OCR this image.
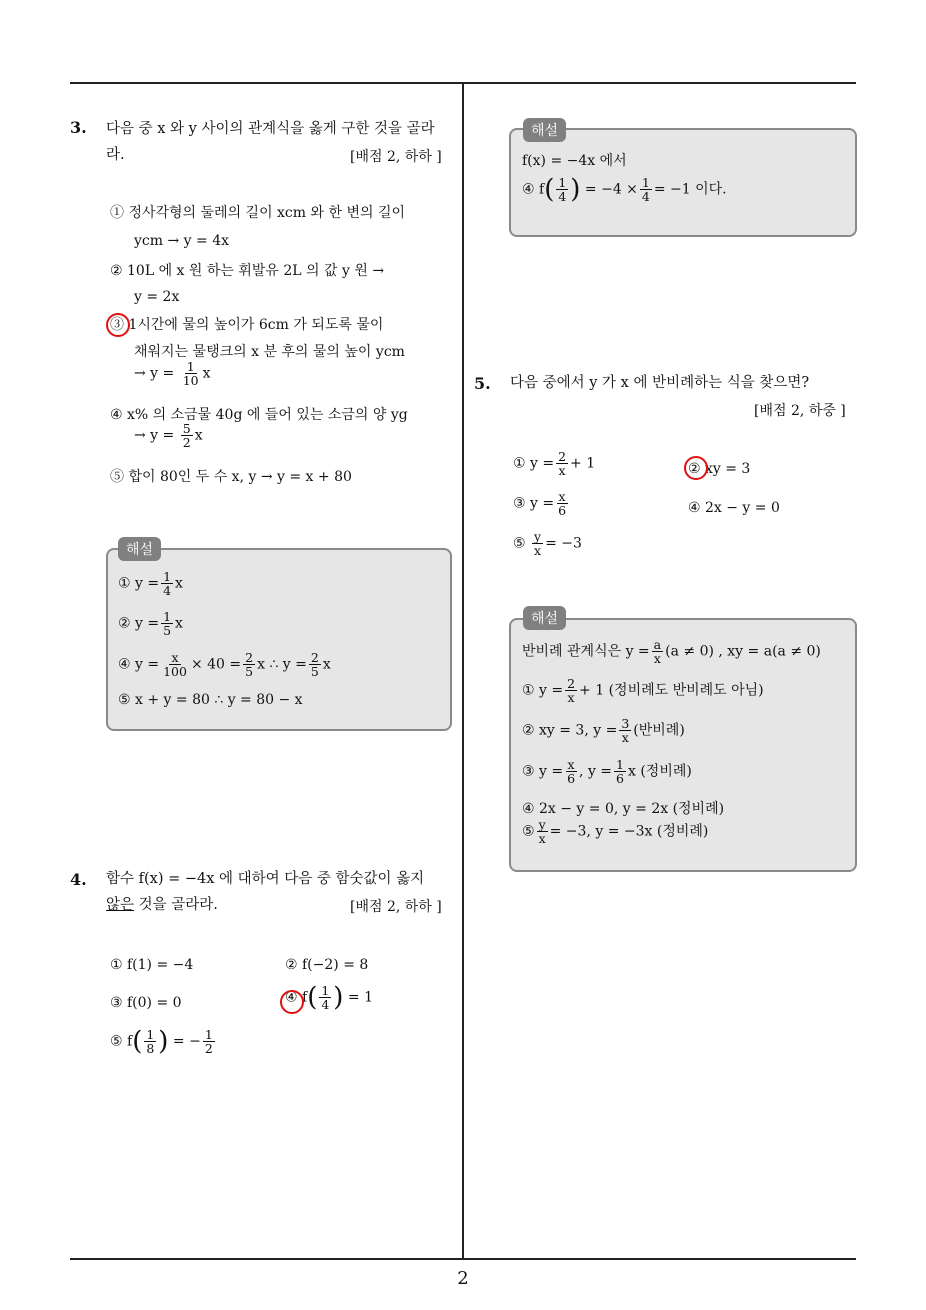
2
3. 다음 중 x 와 y 사이의 관계식을 옳게 구한 것을 골라
라.	[배점 2, 하하 ]
① 정사각형의 둘레의 길이 xcm 와 한 변의 길이
ycm → y = 4x
② 10L 에 x 원 하는 휘발유 2L 의 값 y 원 →
y = 2x
③ 1시간에 물의 높이가 6cm 가 되도록 물이
채워지는 물탱크의 x 분 후의 물의 높이 ycm
→ $y = \frac{1}{10}$ x
④ x% 의 소금물 40g 에 들어 있는 소금의 양 yg
→ $y = \frac{5}{2}$ x
⑤ 합이 80인 두 수 x, y → y = x + 80
해설
① $y = \frac{1}{4}$ x
② $y = \frac{1}{5}$ x
④ $y = \frac{x}{100} \times 40 = \frac{2}{5}$ x ∴ $y = \frac{2}{5}$ x
⑤ x + y = 80 ∴ y = 80 − x
4. 함수 f(x) = −4x 에 대하여 다음 중 함숫값이 옳지
않은 것을 골라라.	[배점 2, 하하 ]
① f(1) = −4	② f(−2) = 8
③ f(0) = 0	④ $f( \frac{1}{4}$ ) = 1
⑤ $f( \frac{1}{8}$ ) = − $\frac{1}{2}$
해설
f(x) = −4x 에서
④ $f( \frac{1}{4}$ ) = $-4 \times \frac{1}{4} = -1$ 이다.
5. 다음 중에서 y 가 x 에 반비례하는 식을 찾으면?
[배점 2, 하중 ]
① $y = \frac{2}{x} + 1$	② xy = 3
③ $y = \frac{x}{6}$	④ 2x − y = 0
⑤ $\frac{y}{x} = -3$
해설
반비례 관계식은 $y = \frac{a}{x} (a \ne 0)$ , xy = a(a ≠ 0)
① $y = \frac{2}{x} + 1$ (정비례도 반비례도 아님)
② xy = 3, $y = \frac{3}{x}$ (반비례)
③ $y = \frac{x}{6}$ , $y = \frac{1}{6}$ x (정비례)
④ 2x − y = 0, y = 2x (정비례)
⑤ $\frac{y}{x} = -3$, y = −3x (정비례)
